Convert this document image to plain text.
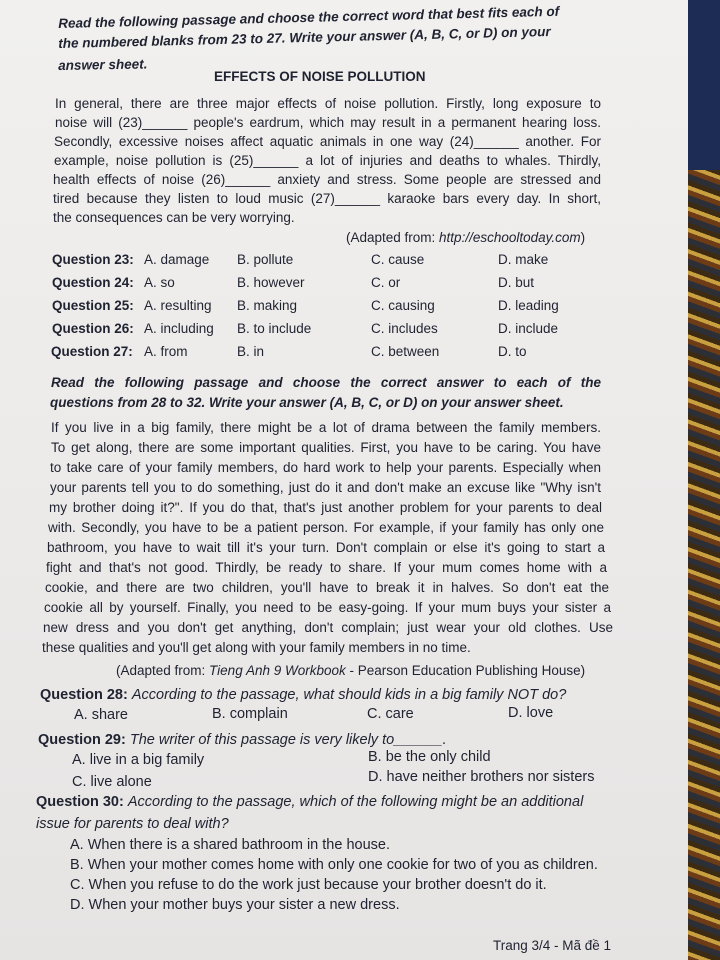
Read the following passage and choose the correct word that best fits each of
the numbered blanks from 23 to 27. Write your answer (A, B, C, or D) on your
answer sheet.
EFFECTS OF NOISE POLLUTION
In general, there are three major effects of noise pollution. Firstly, long exposure to
noise will (23)______ people's eardrum, which may result in a permanent hearing loss.
Secondly, excessive noises affect aquatic animals in one way (24)______ another. For
example, noise pollution is (25)______ a lot of injuries and deaths to whales. Thirdly,
health effects of noise (26)______ anxiety and stress. Some people are stressed and
tired because they listen to loud music (27)______ karaoke bars every day. In short,
the consequences can be very worrying.
(Adapted from: http://eschooltoday.com)
Question 23: A. damage B. pollute	C. cause	D. make
Question 24: A. so	B. however	C. or	D. but
Question 25: A. resulting B. making	C. causing	D. leading
Question 26: A. including B. to include	C. includes	D. include
Question 27: A. from	B. in	C. between	D. to
Read the following passage and choose the correct answer to each of the
questions from 28 to 32. Write your answer (A, B, C, or D) on your answer sheet.
If you live in a big family, there might be a lot of drama between the family members.
To get along, there are some important qualities. First, you have to be caring. You have
to take care of your family members, do hard work to help your parents. Especially when
your parents tell you to do something, just do it and don't make an excuse like "Why isn't
my brother doing it?". If you do that, that's just another problem for your parents to deal
with. Secondly, you have to be a patient person. For example, if your family has only one
bathroom, you have to wait till it's your turn. Don't complain or else it's going to start a
fight and that's not good. Thirdly, be ready to share. If your mum comes home with a
cookie, and there are two children, you'll have to break it in halves. So don't eat the
cookie all by yourself. Finally, you need to be easy-going. If your mum buys your sister a
new dress and you don't get anything, don't complain; just wear your old clothes. Use
these qualities and you'll get along with your family members in no time.
(Adapted from: Tieng Anh 9 Workbook - Pearson Education Publishing House)
Question 28: According to the passage, what should kids in a big family NOT do?
A. share	B. complain	C. care	D. love
Question 29: The writer of this passage is very likely to______.
A. live in a big family	B. be the only child
C. live alone	D. have neither brothers nor sisters
Question 30: According to the passage, which of the following might be an additional
issue for parents to deal with?
A. When there is a shared bathroom in the house.
B. When your mother comes home with only one cookie for two of you as children.
C. When you refuse to do the work just because your brother doesn't do it.
D. When your mother buys your sister a new dress.
Trang 3/4 - Mã đề 1
